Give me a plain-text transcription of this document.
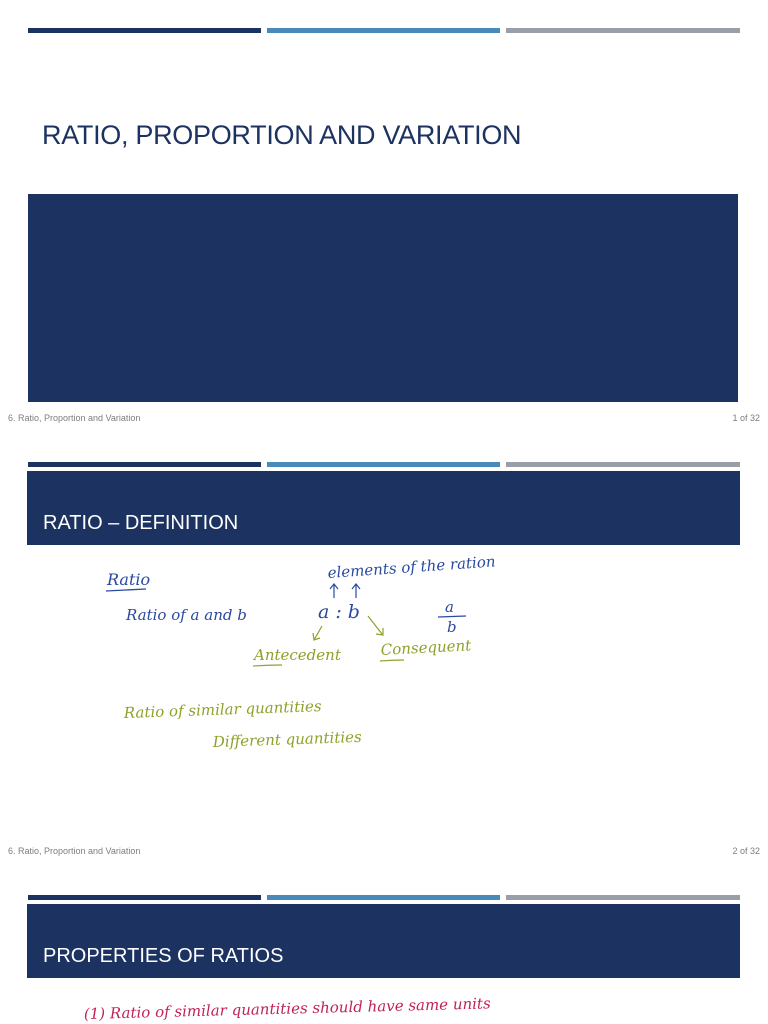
RATIO, PROPORTION AND VARIATION
6. Ratio, Proportion and Variation	1 of 32
RATIO – DEFINITION
Ratio	elements of the ration
Ratio of a and b	a : b	a
b
Antecedent	Consequent
Ratio of similar quantities
Different quantities
6. Ratio, Proportion and Variation	2 of 32
PROPERTIES OF RATIOS
(1) Ratio of similar quantities should have same units
